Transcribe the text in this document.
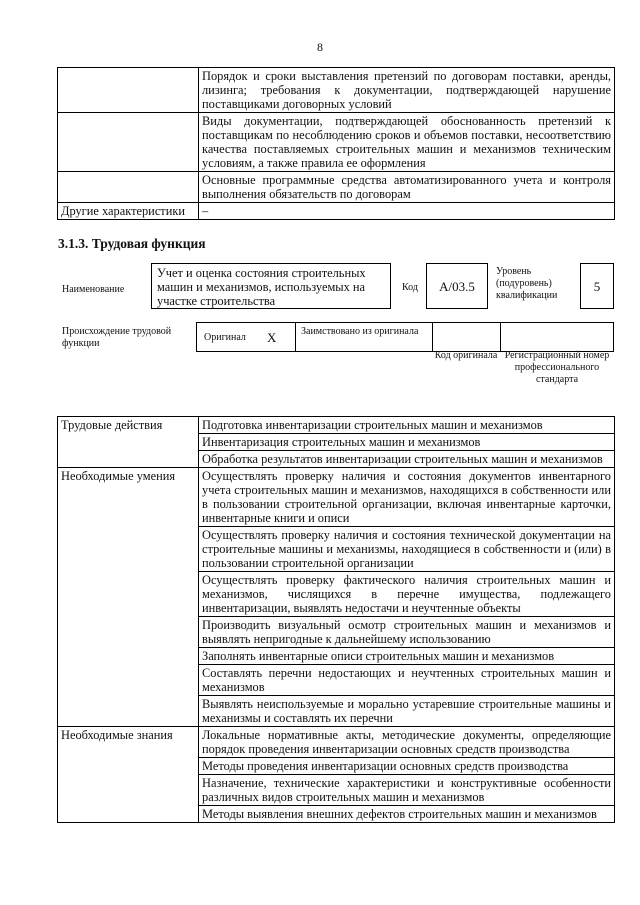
8
	Порядок и сроки выставления претензий по договорам поставки, аренды, лизинга; требования к документации, подтверждающей нарушение поставщиками договорных условий
	Виды документации, подтверждающей обоснованность претензий к поставщикам по несоблюдению сроков и объемов поставки, несоответствию качества поставляемых строительных машин и механизмов техническим условиям, а также правила ее оформления
	Основные программные средства автоматизированного учета и контроля выполнения обязательств по договорам
Другие характеристики	–
3.1.3. Трудовая функция
Наименование
Учет и оценка состояния строительных машин и механизмов, используемых на участке строительства
Код	A/03.5
Уровень (подуровень) квалификации
5
Происхождение трудовой функции
Оригинал X Заимствовано из оригинала
Код оригинала Регистрационный номер профессионального стандарта
Трудовые действия	Подготовка инвентаризации строительных машин и механизмов
	Инвентаризация строительных машин и механизмов
	Обработка результатов инвентаризации строительных машин и механизмов
Необходимые умения	Осуществлять проверку наличия и состояния документов инвентарного учета строительных машин и механизмов, находящихся в собственности или в пользовании строительной организации, включая инвентарные карточки, инвентарные книги и описи
	Осуществлять проверку наличия и состояния технической документации на строительные машины и механизмы, находящиеся в собственности и (или) в пользовании строительной организации
	Осуществлять проверку фактического наличия строительных машин и механизмов, числящихся в перечне имущества, подлежащего инвентаризации, выявлять недостачи и неучтенные объекты
	Производить визуальный осмотр строительных машин и механизмов и выявлять непригодные к дальнейшему использованию
	Заполнять инвентарные описи строительных машин и механизмов
	Составлять перечни недостающих и неучтенных строительных машин и механизмов
	Выявлять неиспользуемые и морально устаревшие строительные машины и механизмы и составлять их перечни
Необходимые знания	Локальные нормативные акты, методические документы, определяющие порядок проведения инвентаризации основных средств производства
	Методы проведения инвентаризации основных средств производства
	Назначение, технические характеристики и конструктивные особенности различных видов строительных машин и механизмов
	Методы выявления внешних дефектов строительных машин и механизмов
